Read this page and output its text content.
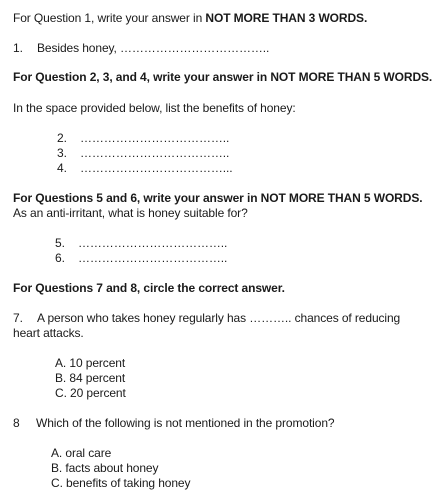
For Question 1, write your answer in NOT MORE THAN 3 WORDS.
1. Besides honey, ………………………………..
For Question 2, 3, and 4, write your answer in NOT MORE THAN 5 WORDS.
In the space provided below, list the benefits of honey:
2. ………………………………..
3. ………………………………..
4. ………………………………...
For Questions 5 and 6, write your answer in NOT MORE THAN 5 WORDS.
As an anti-irritant, what is honey suitable for?
5. ………………………………..
6. ………………………………..
For Questions 7 and 8, circle the correct answer.
7. A person who takes honey regularly has ……….. chances of reducing
heart attacks.
A. 10 percent
B. 84 percent
C. 20 percent
8 Which of the following is not mentioned in the promotion?
A. oral care
B. facts about honey
C. benefits of taking honey
